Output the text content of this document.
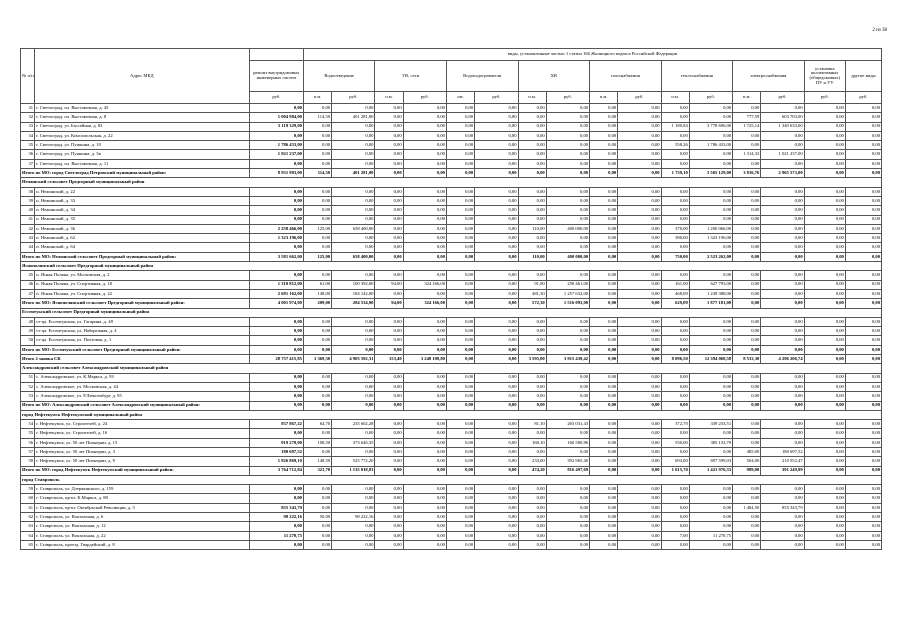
2 из 38
№ п/п	Адрес МКД		виды, установленные частью 1 статьи 166 Жилищного кодекса Российской Федерации															
		ремонт внутридомовых инженерных систем	Водоотведение		ГВ, сети		Водоподогреватели		ХВ		газоснабжения		теплоснабжения		электроснабжения		установка коллективных (общедомовых) ПУ и УУ	другие виды
		руб.	п.м.	руб.	п.м.	руб.	шт.	руб.	п.м.	руб.	п.м.	руб.	п.м.	руб.	п.м.	руб.	руб.	руб.
31	г. Светлоград, пл. Выставочная, д. 45	0,00	0,00	0,00	0,00	0,00	0,00	0,00	0,00	0,00	0,00	0,00	0,00	0,00	0,00	0,00	0,00	0,00
32	г. Светлоград, пл. Выставочная, д. 8	1 004 984,00	114,50	401 281,00	0,00	0,00	0,00	0,00	0,00	0,00	0,00	0,00	0,00	0,00	777,59	603 703,00	0,00	0,00
33	г. Светлоград, ул. Бассейная, д. 82	5 119 329,00	0,00	0,00	0,00	0,00	0,00	0,00	0,00	0,00	0,00	0,00	1 180,84	3 778 696,00	1 725,14	1 340 633,00	0,00	0,00
34	г. Светлоград, ул. Комсомольская, д. 22	0,00	0,00	0,00	0,00	0,00	0,00	0,00	0,00	0,00	0,00	0,00	0,00	0,00	0,00	0,00	0,00	0,00
35	г. Светлоград, ул. Пушкина, д. 10	1 786 433,00	0,00	0,00	0,00	0,00	0,00	0,00	0,00	0,00	0,00	0,00	558,26	1 786 433,00	0,00	0,00	0,00	0,00
36	г. Светлоград, ул. Пушкина, д. 3в	1 021 237,00	0,00	0,00	0,00	0,00	0,00	0,00	0,00	0,00	0,00	0,00	0,00	0,00	1 314,33	1 021 237,00	0,00	0,00
37	г. Светлоград, пл. Выставочная, д. 11	0,00	0,00	0,00	0,00	0,00	0,00	0,00	0,00	0,00	0,00	0,00	0,00	0,00	0,00	0,00	0,00	0,00
Итого по МО: город Светлоград Петровский муниципальный район:		8 931 983,00	114,50	401 281,00	0,00	0,00	0,00	0,00	0,00	0,00	0,00	0,00	1 739,10	5 565 129,00	3 816,76	2 965 573,00	0,00	0,00
Нежинский сельсовет Предгорный муниципальный район																		
38	п. Нежинский, д. 22	0,00	0,00	0,00	0,00	0,00	0,00	0,00	0,00	0,00	0,00	0,00	0,00	0,00	0,00	0,00	0,00	0,00
39	п. Нежинский, д. 33	0,00	0,00	0,00	0,00	0,00	0,00	0,00	0,00	0,00	0,00	0,00	0,00	0,00	0,00	0,00	0,00	0,00
40	п. Нежинский, д. 34	0,00	0,00	0,00	0,00	0,00	0,00	0,00	0,00	0,00	0,00	0,00	0,00	0,00	0,00	0,00	0,00	0,00
41	п. Нежинский, д. 35	0,00	0,00	0,00	0,00	0,00	0,00	0,00	0,00	0,00	0,00	0,00	0,00	0,00	0,00	0,00	0,00	0,00
42	п. Нежинский, д. 36	2 258 466,00	125,00	658 400,00	0,00	0,00	0,00	0,00	110,00	400 000,00	0,00	0,00	370,00	1 200 066,00	0,00	0,00	0,00	0,00
43	п. Нежинский, д. 62	1 323 196,00	0,00	0,00	0,00	0,00	0,00	0,00	0,00	0,00	0,00	0,00	380,00	1 323 196,00	0,00	0,00	0,00	0,00
44	п. Нежинский, д. 64	0,00	0,00	0,00	0,00	0,00	0,00	0,00	0,00	0,00	0,00	0,00	0,00	0,00	0,00	0,00	0,00	0,00
Итого по МО: Нежинский сельсовет Предгорный муниципальный район:		3 581 662,00	125,00	658 400,00	0,00	0,00	0,00	0,00	110,00	400 000,00	0,00	0,00	750,00	2 523 262,00	0,00	0,00	0,00	0,00
Яснополянский сельсовет Предгорный муниципальный район																		
45	п. Ясная Поляна, ул. Московская, д. 2	0,00	0,00	0,00	0,00	0,00	0,00	0,00	0,00	0,00	0,00	0,00	0,00	0,00	0,00	0,00	0,00	0,00
46	п. Ясная Поляна, ул. Спортивная, д. 18	1 310 812,00	61,00	100 392,00	94,00	324 166,00	0,00	0,00	91,00	258 461,00	0,00	0,00	161,00	627 793,00	0,00	0,00	0,00	0,00
47	п. Ясная Поляна, ул. Спортивная, д. 22	2 691 162,00	148,00	184 142,00	0,00	0,00	0,00	0,00	481,30	1 257 632,00	0,00	0,00	468,09	1 249 388,00	0,00	0,00	0,00	0,00
Итого по МО: Яснополянский сельсовет Предгорный муниципальный район:		4 001 974,00	209,00	284 534,00	94,00	324 166,00	0,00	0,00	572,30	1 516 093,00	0,00	0,00	629,09	1 877 181,00	0,00	0,00	0,00	0,00
Ессентукский сельсовет Предгорный муниципальный район																		
48	ст-ца. Ессентукская, ул. Гагарина, д. 48	0,00	0,00	0,00	0,00	0,00	0,00	0,00	0,00	0,00	0,00	0,00	0,00	0,00	0,00	0,00	0,00	0,00
49	ст-ца. Ессентукская, ул. Набережная, д. 4	0,00	0,00	0,00	0,00	0,00	0,00	0,00	0,00	0,00	0,00	0,00	0,00	0,00	0,00	0,00	0,00	0,00
50	ст-ца. Ессентукская, ул. Почтовая, д. 1	0,00	0,00	0,00	0,00	0,00	0,00	0,00	0,00	0,00	0,00	0,00	0,00	0,00	0,00	0,00	0,00	0,00
Итого по МО: Ессентукский сельсовет Предгорный муниципальный район:		0,00	0,00	0,00	0,00	0,00	0,00	0,00	0,00	0,00	0,00	0,00	0,00	0,00	0,00	0,00	0,00	0,00
Итого 2 заявка СК		28 757 415,85	1 369,30	4 903 592,31	153,40	3 248 108,80	0,00	0,00	3 595,00	3 915 439,42	0,00	0,00	8 096,50	12 394 068,58	8 533,30	4 296 206,74	0,00	0,00
Александровский сельсовет Александровский муниципальный район																		
51	с. Александровское, ул. К.Маркса, д. 93	0,00	0,00	0,00	0,00	0,00	0,00	0,00	0,00	0,00	0,00	0,00	0,00	0,00	0,00	0,00	0,00	0,00
52	с. Александровское, ул. Московская, д. 44	0,00	0,00	0,00	0,00	0,00	0,00	0,00	0,00	0,00	0,00	0,00	0,00	0,00	0,00	0,00	0,00	0,00
53	с. Александровское, ул. Р.Люксембург, д. 95	0,00	0,00	0,00	0,00	0,00	0,00	0,00	0,00	0,00	0,00	0,00	0,00	0,00	0,00	0,00	0,00	0,00
Итого по МО: Александровский сельсовет Александровский муниципальный район:		0,00	0,00	0,00	0,00	0,00	0,00	0,00	0,00	0,00	0,00	0,00	0,00	0,00	0,00	0,00	0,00	0,00
город Нефтекумск Нефтекумский муниципальный район																		
54	г. Нефтекумск, ул. Строителей, д. 24	837 867,22	64,70	235 602,28	0,00	0,00	0,00	0,00	81,10	263 031,43	0,00	0,00	372,70	339 233,51	0,00	0,00	0,00	0,00
55	г. Нефтекумск, ул. Строителей, д. 16	0,00	0,00	0,00	0,00	0,00	0,00	0,00	0,00	0,00	0,00	0,00	0,00	0,00	0,00	0,00	0,00	0,00
56	г. Нефтекумск, ул. 50 лет Пионерии, д. 15	919 279,00	108,50	373 646,35	0,00	0,00	0,00	0,00	160,10	160 500,86	0,00	0,00	550,00	385 133,79	0,00	0,00	0,00	0,00
57	г. Нефтекумск, ул. 50 лет Пионерии, д. 3	180 697,52	0,00	0,00	0,00	0,00	0,00	0,00	0,00	0,00	0,00	0,00	0,00	0,00	485,00	180 697,52	0,00	0,00
58	г. Нефтекумск, ул. 50 лет Пионерии, д. 9	1 826 869,10	148,50	525 772,20	0,00	0,00	0,00	0,00	233,00	392 965,40	0,00	0,00	693,00	697 599,03	504,00	210 552,47	0,00	0,00
Итого по МО: город Нефтекумск Нефтекумский муниципальный район:		3 764 712,84	321,70	1 135 018,83	0,00	0,00	0,00	0,00	474,20	816 497,69	0,00	0,00	1 615,70	1 421 976,33	989,00	391 249,99	0,00	0,00
город Ставрополь																		
59	г. Ставрополь, ул. Дзержинского, д. 159	0,00	0,00	0,00	0,00	0,00	0,00	0,00	0,00	0,00	0,00	0,00	0,00	0,00	0,00	0,00	0,00	0,00
60	г. Ставрополь, пр-кт. К.Маркса, д. 88	0,00	0,00	0,00	0,00	0,00	0,00	0,00	0,00	0,00	0,00	0,00	0,00	0,00	0,00	0,00	0,00	0,00
61	г. Ставрополь, пр-кт. Октябрьской Революции, д. 5	855 343,79	0,00	0,00	0,00	0,00	0,00	0,00	0,00	0,00	0,00	0,00	0,00	0,00	1 484,50	855 343,79	0,00	0,00
62	г. Ставрополь, ул. Вокзальная, д. 6	98 222,16	50,00	98 222,16	0,00	0,00	0,00	0,00	0,00	0,00	0,00	0,00	0,00	0,00	0,00	0,00	0,00	0,00
63	г. Ставрополь, ул. Вокзальная, д. 12	0,00	0,00	0,00	0,00	0,00	0,00	0,00	0,00	0,00	0,00	0,00	0,00	0,00	0,00	0,00	0,00	0,00
64	г. Ставрополь, ул. Вокзальная, д. 22	11 270,75	0,00	0,00	0,00	0,00	0,00	0,00	0,00	0,00	0,00	0,00	7,00	11 270,75	0,00	0,00	0,00	0,00
65	г. Ставрополь, проезд. Гвардейский, д. 8	0,00	0,00	0,00	0,00	0,00	0,00	0,00	0,00	0,00	0,00	0,00	0,00	0,00	0,00	0,00	0,00	0,00
